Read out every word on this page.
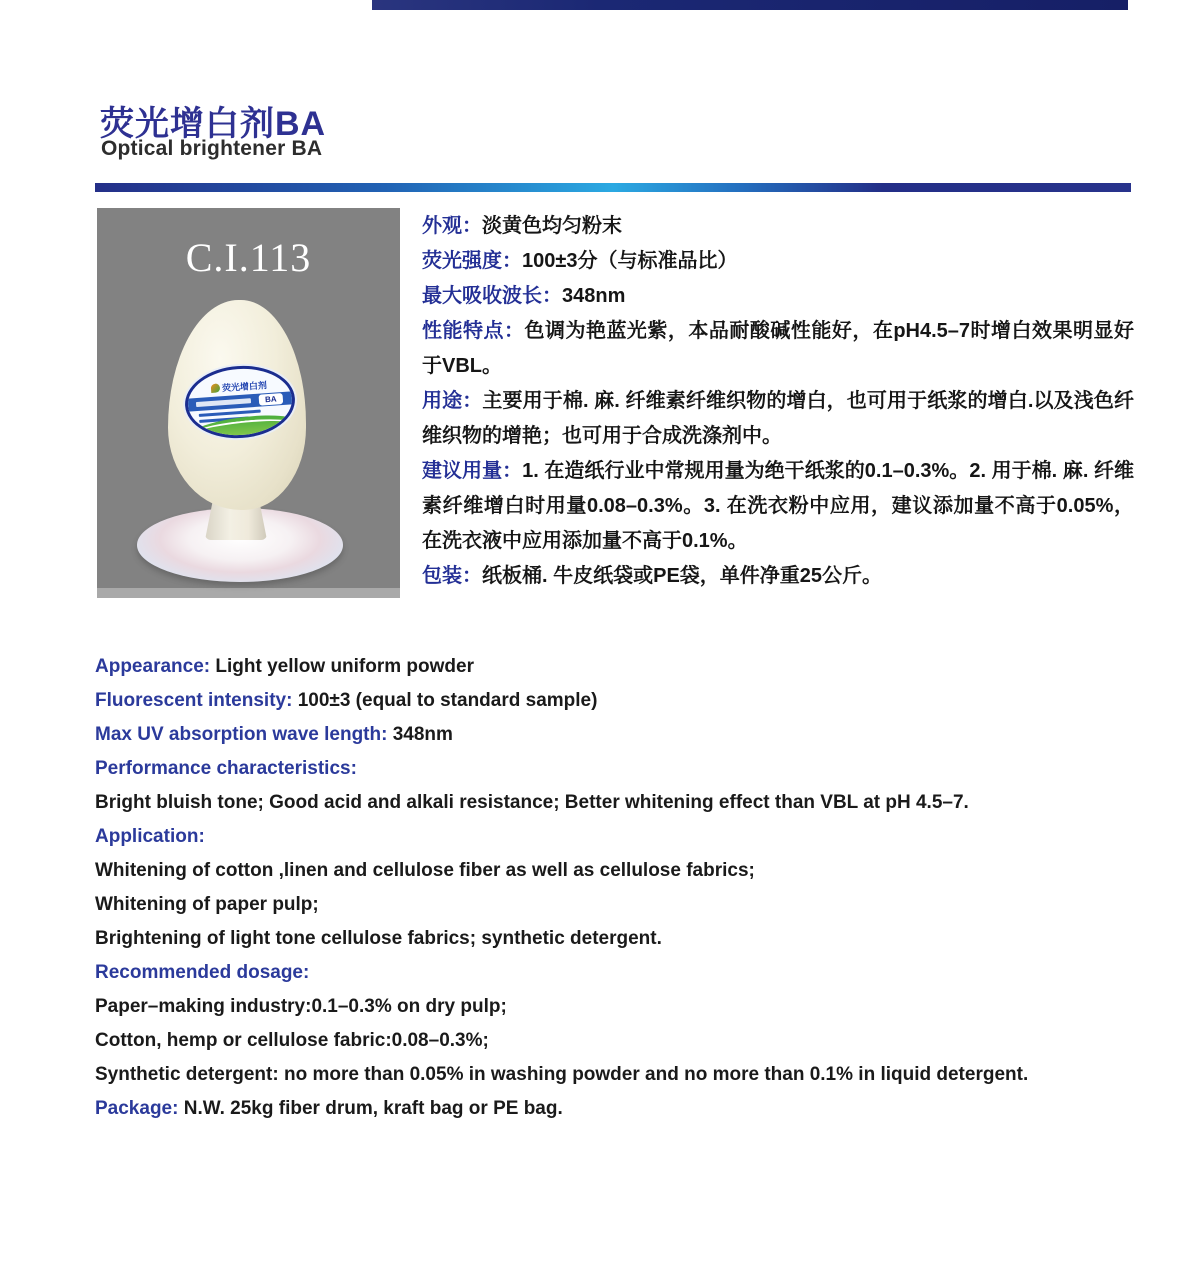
荧光增白剂BA
Optical brightener BA
C.I.113
荧光增白剂
BA

外观：淡黄色均匀粉末

荧光强度：100±3分（与标准品比）

最大吸收波长：348nm

性能特点：色调为艳蓝光紫，本品耐酸碱性能好，在pH4.5–7时增白效果明显好于VBL。

用途：主要用于棉. 麻. 纤维素纤维织物的增白，也可用于纸浆的增白.以及浅色纤维织物的增艳；也可用于合成洗涤剂中。

建议用量：1. 在造纸行业中常规用量为绝干纸浆的0.1–0.3%。2. 用于棉. 麻. 纤维素纤维增白时用量0.08–0.3%。3. 在洗衣粉中应用，建议添加量不高于0.05%，在洗衣液中应用添加量不高于0.1%。

包装：纸板桶. 牛皮纸袋或PE袋，单件净重25公斤。

Appearance: Light yellow uniform powder

Fluorescent intensity: 100±3 (equal to standard sample)

Max UV absorption wave length: 348nm

Performance characteristics:

Bright bluish tone; Good acid and alkali resistance; Better whitening effect than VBL at pH 4.5–7.

Application:

Whitening of cotton ,linen and cellulose fiber as well as cellulose fabrics;

Whitening of paper pulp;

Brightening of light tone cellulose fabrics; synthetic detergent.

Recommended dosage:

Paper–making industry:0.1–0.3% on dry pulp;

Cotton, hemp or cellulose fabric:0.08–0.3%;

Synthetic detergent: no more than 0.05% in washing powder and no more than 0.1% in liquid detergent.

Package: N.W. 25kg fiber drum, kraft bag or PE bag.
